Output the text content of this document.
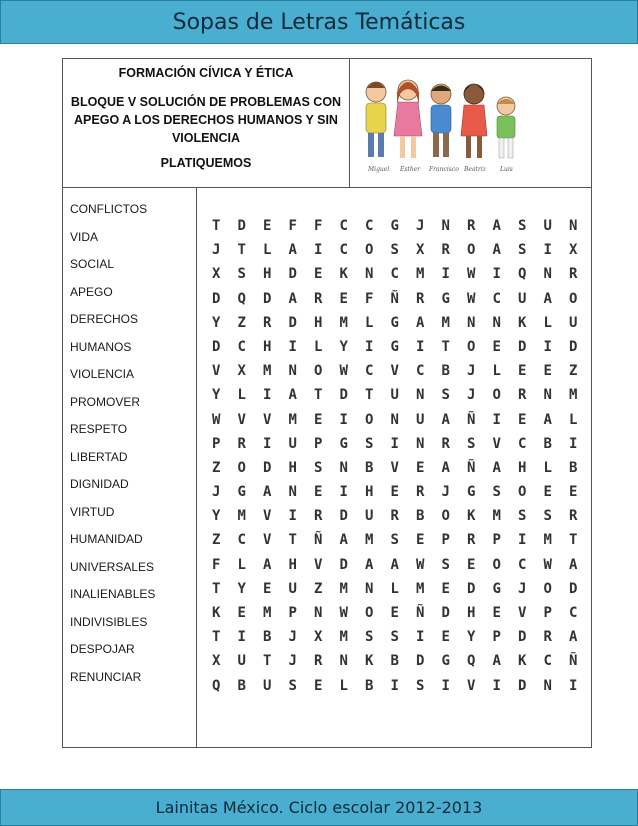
Sopas de Letras Temáticas
FORMACIÓN CÍVICA Y ÉTICA
BLOQUE V SOLUCIÓN DE PROBLEMAS CON APEGO A LOS DERECHOS HUMANOS Y SIN VIOLENCIA
PLATIQUEMOS	Miguel Esther Francisco Beatriz Luis
CONFLICTOS
VIDA
SOCIAL
APEGO
DERECHOS
HUMANOS
VIOLENCIA
PROMOVER
RESPETO
LIBERTAD
DIGNIDAD
VIRTUD
HUMANIDAD
UNIVERSALES
INALIENABLES
INDIVISIBLES
DESPOJAR
RENUNCIAR
T	D	E	F	F	C	C	G	J	N	R	A	S	U	N
J	T	L	A	I	C	O	S	X	R	O	A	S	I	X
X	S	H	D	E	K	N	C	M	I	W	I	Q	N	R
D	Q	D	A	R	E	F	Ñ	R	G	W	C	U	A	O
Y	Z	R	D	H	M	L	G	A	M	N	N	K	L	U
D	C	H	I	L	Y	I	G	I	T	O	E	D	I	D
V	X	M	N	O	W	C	V	C	B	J	L	E	E	Z
Y	L	I	A	T	D	T	U	N	S	J	O	R	N	M
W	V	V	M	E	I	O	N	U	A	Ñ	I	E	A	L
P	R	I	U	P	G	S	I	N	R	S	V	C	B	I
Z	O	D	H	S	N	B	V	E	A	Ñ	A	H	L	B
J	G	A	N	E	I	H	E	R	J	G	S	O	E	E
Y	M	V	I	R	D	U	R	B	O	K	M	S	S	R
Z	C	V	T	Ñ	A	M	S	E	P	R	P	I	M	T
F	L	A	H	V	D	A	A	W	S	E	O	C	W	A
T	Y	E	U	Z	M	N	L	M	E	D	G	J	O	D
K	E	M	P	N	W	O	E	Ñ	D	H	E	V	P	C
T	I	B	J	X	M	S	S	I	E	Y	P	D	R	A
X	U	T	J	R	N	K	B	D	G	Q	A	K	C	Ñ
Q	B	U	S	E	L	B	I	S	I	V	I	D	N	I
Lainitas México. Ciclo escolar 2012-2013
